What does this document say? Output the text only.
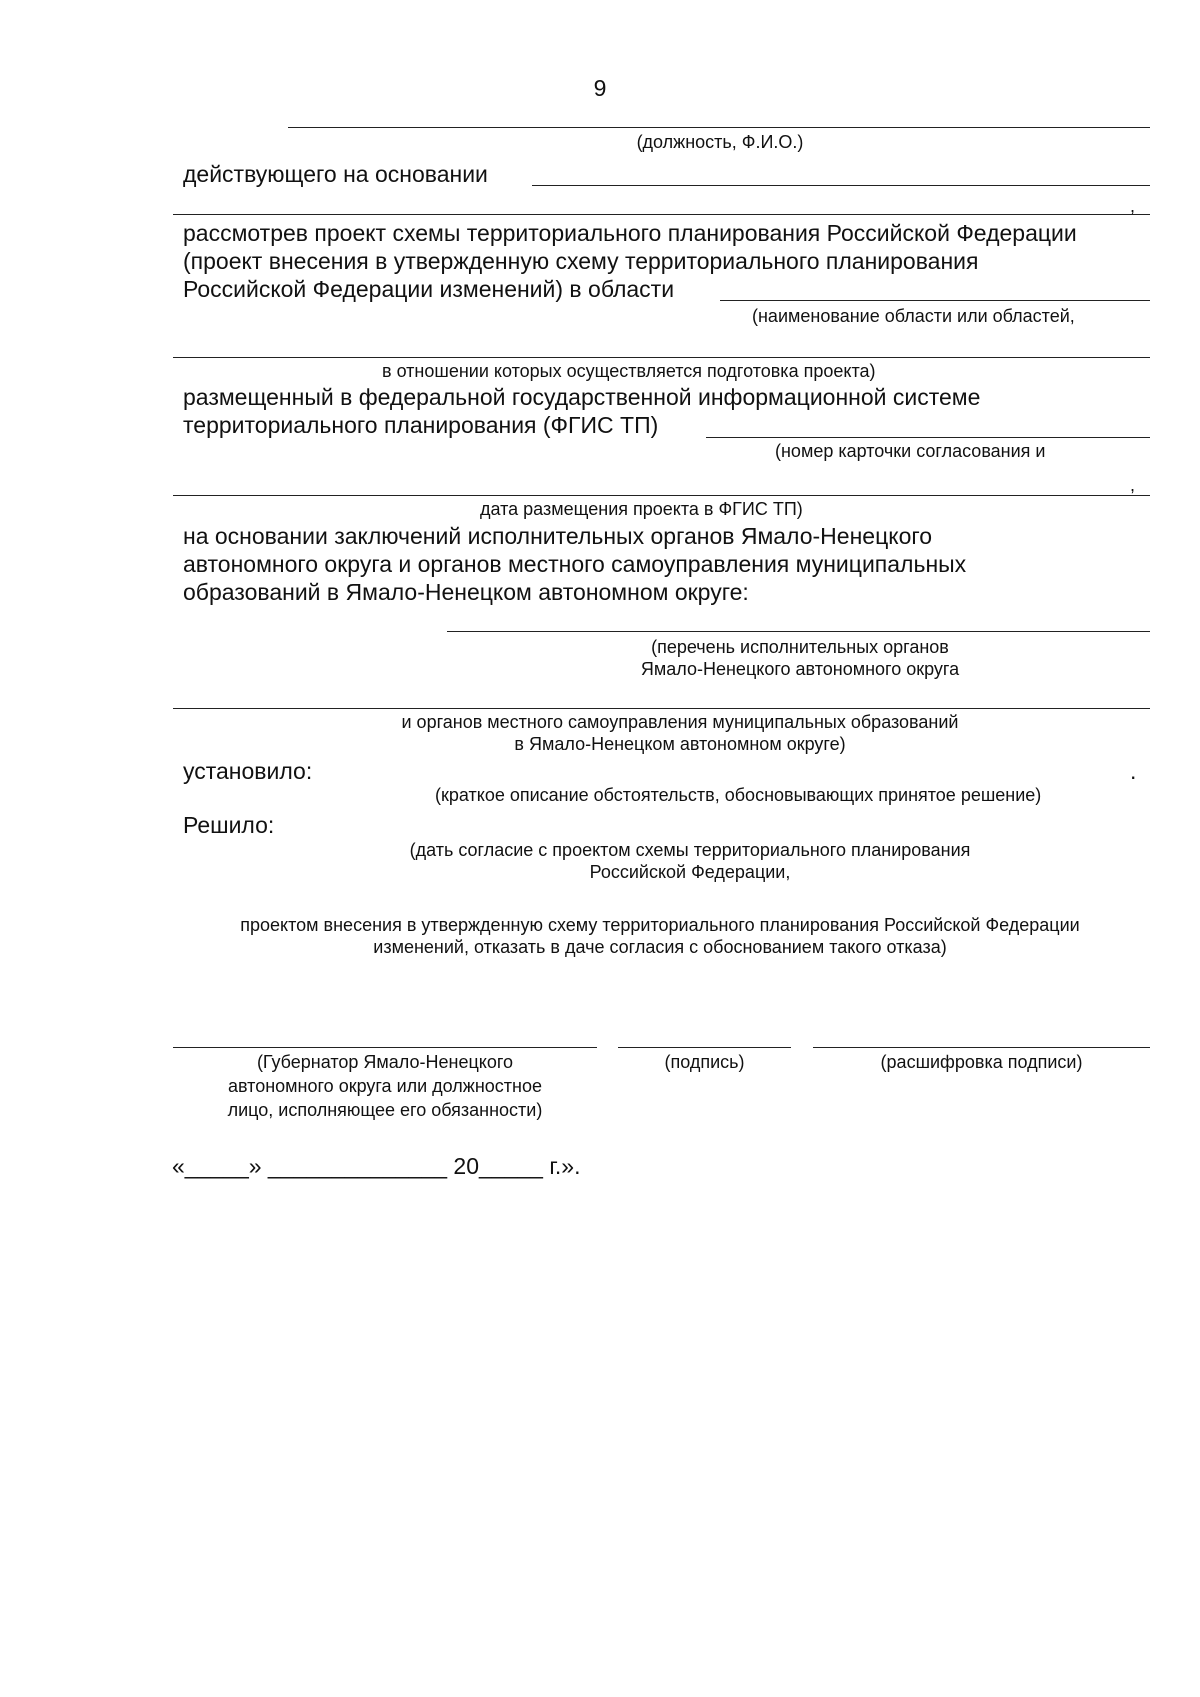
9
(должность, Ф.И.О.)
действующего на основании
,
рассмотрев проект схемы территориального планирования Российской Федерации
(проект внесения в утвержденную схему территориального планирования
Российской Федерации изменений) в области
(наименование области или областей,
в отношении которых осуществляется подготовка проекта)
размещенный в федеральной государственной информационной системе
территориального планирования (ФГИС ТП)
(номер карточки согласования и
,
дата размещения проекта в ФГИС ТП)
на основании заключений исполнительных органов Ямало-Ненецкого
автономного округа и органов местного самоуправления муниципальных
образований в Ямало-Ненецком автономном округе:
(перечень исполнительных органов
Ямало-Ненецкого автономного округа
и органов местного самоуправления муниципальных образований
в Ямало-Ненецком автономном округе)
установило:	.
(краткое описание обстоятельств, обосновывающих принятое решение)
Решило:
(дать согласие с проектом схемы территориального планирования
Российской Федерации,
проектом внесения в утвержденную схему территориального планирования Российской Федерации
изменений, отказать в даче согласия с обоснованием такого отказа)
(Губернатор Ямало-Ненецкого
автономного округа или должностное
лицо, исполняющее его обязанности)
(подпись)	(расшифровка подписи)
«_____» ______________ 20_____ г.».
